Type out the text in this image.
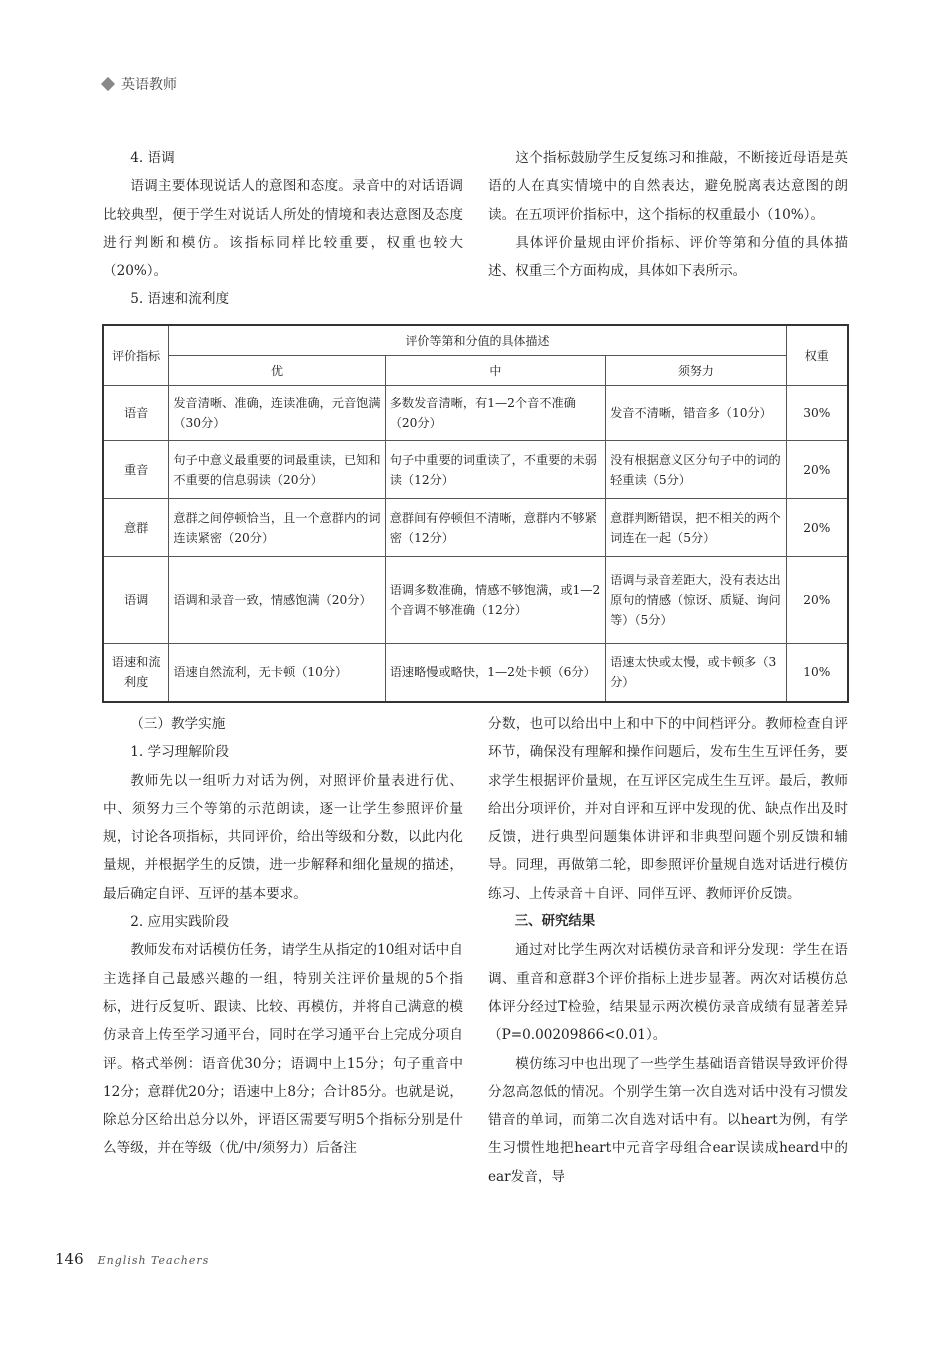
英语教师

4. 语调

语调主要体现说话人的意图和态度。录音中的对话语调比较典型，便于学生对说话人所处的情境和表达意图及态度进行判断和模仿。该指标同样比较重要，权重也较大（20%）。

5. 语速和流利度

这个指标鼓励学生反复练习和推敲，不断接近母语是英语的人在真实情境中的自然表达，避免脱离表达意图的朗读。在五项评价指标中，这个指标的权重最小（10%）。

具体评价量规由评价指标、评价等第和分值的具体描述、权重三个方面构成，具体如下表所示。

评价指标	评价等第和分值的具体描述			权重
	优	中	须努力	
语音	发音清晰、准确，连读准确，元音饱满（30分）	多数发音清晰，有1—2个音不准确（20分）	发音不清晰，错音多（10分）	30%
重音	句子中意义最重要的词最重读，已知和不重要的信息弱读（20分）	句子中重要的词重读了，不重要的未弱读（12分）	没有根据意义区分句子中的词的轻重读（5分）	20%
意群	意群之间停顿恰当，且一个意群内的词连读紧密（20分）	意群间有停顿但不清晰，意群内不够紧密（12分）	意群判断错误，把不相关的两个词连在一起（5分）	20%
语调	语调和录音一致，情感饱满（20分）	语调多数准确，情感不够饱满，或1—2个音调不够准确（12分）	语调与录音差距大，没有表达出原句的情感（惊讶、质疑、询问等）（5分）	20%
语速和流利度	语速自然流利，无卡顿（10分）	语速略慢或略快，1—2处卡顿（6分）	语速太快或太慢，或卡顿多（3分）	10%

（三）教学实施

1. 学习理解阶段

教师先以一组听力对话为例，对照评价量表进行优、中、须努力三个等第的示范朗读，逐一让学生参照评价量规，讨论各项指标，共同评价，给出等级和分数，以此内化量规，并根据学生的反馈，进一步解释和细化量规的描述，最后确定自评、互评的基本要求。

2. 应用实践阶段

教师发布对话模仿任务，请学生从指定的10组对话中自主选择自己最感兴趣的一组，特别关注评价量规的5个指标，进行反复听、跟读、比较、再模仿，并将自己满意的模仿录音上传至学习通平台，同时在学习通平台上完成分项自评。格式举例：语音优30分；语调中上15分；句子重音中12分；意群优20分；语速中上8分；合计85分。也就是说，除总分区给出总分以外，评语区需要写明5个指标分别是什么等级，并在等级（优/中/须努力）后备注

分数，也可以给出中上和中下的中间档评分。教师检查自评环节，确保没有理解和操作问题后，发布生生互评任务，要求学生根据评价量规，在互评区完成生生互评。最后，教师给出分项评价，并对自评和互评中发现的优、缺点作出及时反馈，进行典型问题集体讲评和非典型问题个别反馈和辅导。同理，再做第二轮，即参照评价量规自选对话进行模仿练习、上传录音＋自评、同伴互评、教师评价反馈。

三、研究结果

通过对比学生两次对话模仿录音和评分发现：学生在语调、重音和意群3个评价指标上进步显著。两次对话模仿总体评分经过T检验，结果显示两次模仿录音成绩有显著差异（P=0.00209866<0.01）。

模仿练习中也出现了一些学生基础语音错误导致评价得分忽高忽低的情况。个别学生第一次自选对话中没有习惯发错音的单词，而第二次自选对话中有。以heart为例，有学生习惯性地把heart中元音字母组合ear误读成heard中的ear发音，导

146 English Teachers
